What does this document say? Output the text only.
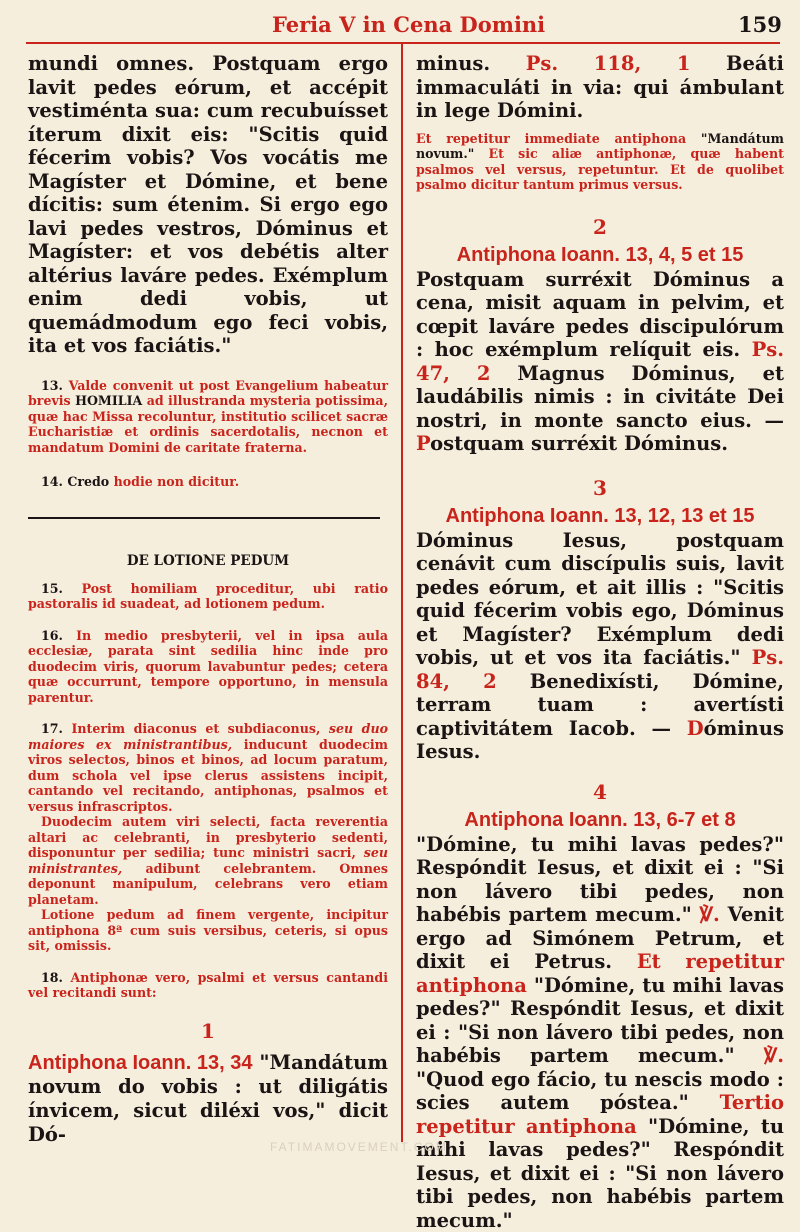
Feria V in Cena Domini	159

mundi omnes. Postquam ergo lavit pedes eórum, et accépit vestiménta sua: cum recubuísset íterum dixit eis: "Scitis quid fécerim vobis? Vos vocátis me Magíster et Dómine, et bene dícitis: sum étenim. Si ergo ego lavi pedes vestros, Dóminus et Magíster: et vos debétis alter altérius laváre pedes. Exémplum enim dedi vobis, ut quemádmodum ego feci vobis, ita et vos faciátis."

13. Valde convenit ut post Evangelium habeatur brevis HOMILIA ad illustranda mysteria potissima, quæ hac Missa recoluntur, institutio scilicet sacræ Eucharistiæ et ordinis sacerdotalis, necnon et mandatum Domini de caritate fraterna.

14. Credo hodie non dicitur.

DE LOTIONE PEDUM

15. Post homiliam proceditur, ubi ratio pastoralis id suadeat, ad lotionem pedum.

16. In medio presbyterii, vel in ipsa aula ecclesiæ, parata sint sedilia hinc inde pro duodecim viris, quorum lavabuntur pedes; cetera quæ occurrunt, tempore opportuno, in mensula parentur.

17. Interim diaconus et subdiaconus, seu duo maiores ex ministrantibus, inducunt duodecim viros selectos, binos et binos, ad locum paratum, dum schola vel ipse clerus assistens incipit, cantando vel recitando, antiphonas, psalmos et versus infrascriptos.

Duodecim autem viri selecti, facta reverentia altari ac celebranti, in presbyterio sedenti, disponuntur per sedilia; tunc ministri sacri, seu ministrantes, adibunt celebrantem. Omnes deponunt manipulum, celebrans vero etiam planetam.

Lotione pedum ad finem vergente, incipitur antiphona 8ª cum suis versibus, ceteris, si opus sit, omissis.

18. Antiphonæ vero, psalmi et versus cantandi vel recitandi sunt:

1

Antiphona Ioann. 13, 34 "Mandátum novum do vobis : ut diligátis ínvicem, sicut diléxi vos," dicit Dó-

minus. Ps. 118, 1 Beáti immaculáti in via: qui ámbulant in lege Dómini.

Et repetitur immediate antiphona "Mandátum novum." Et sic aliæ antiphonæ, quæ habent psalmos vel versus, repetuntur. Et de quolibet psalmo dicitur tantum primus versus.

2

Antiphona Ioann. 13, 4, 5 et 15

Postquam surréxit Dóminus a cena, misit aquam in pelvim, et cœpit laváre pedes discipulórum : hoc exémplum relíquit eis. Ps. 47, 2 Magnus Dóminus, et laudábilis nimis : in civitáte Dei nostri, in monte sancto eius. — Postquam surréxit Dóminus.

3

Antiphona Ioann. 13, 12, 13 et 15

Dóminus Iesus, postquam cenávit cum discípulis suis, lavit pedes eórum, et ait illis : "Scitis quid fécerim vobis ego, Dóminus et Magíster? Exémplum dedi vobis, ut et vos ita faciátis." Ps. 84, 2 Benedixísti, Dómine, terram tuam : avertísti captivitátem Iacob. — Dóminus Iesus.

4

Antiphona Ioann. 13, 6-7 et 8

"Dómine, tu mihi lavas pedes?" Respóndit Iesus, et dixit ei : "Si non lávero tibi pedes, non habébis partem mecum." ℣. Venit ergo ad Simónem Petrum, et dixit ei Petrus. Et repetitur antiphona "Dómine, tu mihi lavas pedes?" Respóndit Iesus, et dixit ei : "Si non lávero tibi pedes, non habébis partem mecum." ℣. "Quod ego fácio, tu nescis modo : scies autem póstea." Tertio repetitur antiphona "Dómine, tu mihi lavas pedes?" Respóndit Iesus, et dixit ei : "Si non lávero tibi pedes, non habébis partem mecum."

FATIMAMOVEMENT.COM
